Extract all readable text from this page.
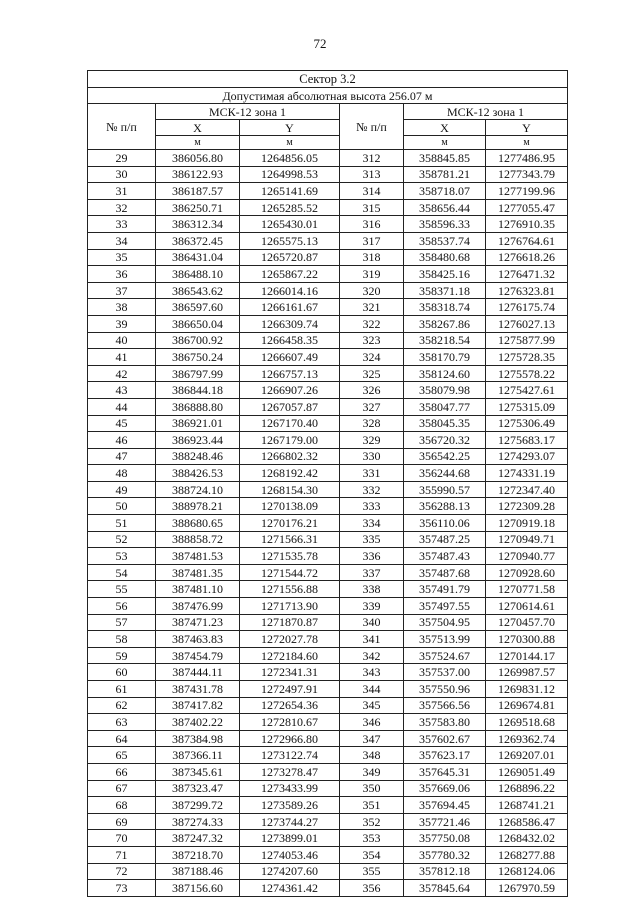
72
Сектор 3.2					
Допустимая абсолютная высота 256.07 м					
№ п/п	МСК-12 зона 1		№ п/п	МСК-12 зона 1	
	X	Y		X	Y
	м	м		м	м
29	386056.80	1264856.05	312	358845.85	1277486.95
30	386122.93	1264998.53	313	358781.21	1277343.79
31	386187.57	1265141.69	314	358718.07	1277199.96
32	386250.71	1265285.52	315	358656.44	1277055.47
33	386312.34	1265430.01	316	358596.33	1276910.35
34	386372.45	1265575.13	317	358537.74	1276764.61
35	386431.04	1265720.87	318	358480.68	1276618.26
36	386488.10	1265867.22	319	358425.16	1276471.32
37	386543.62	1266014.16	320	358371.18	1276323.81
38	386597.60	1266161.67	321	358318.74	1276175.74
39	386650.04	1266309.74	322	358267.86	1276027.13
40	386700.92	1266458.35	323	358218.54	1275877.99
41	386750.24	1266607.49	324	358170.79	1275728.35
42	386797.99	1266757.13	325	358124.60	1275578.22
43	386844.18	1266907.26	326	358079.98	1275427.61
44	386888.80	1267057.87	327	358047.77	1275315.09
45	386921.01	1267170.40	328	358045.35	1275306.49
46	386923.44	1267179.00	329	356720.32	1275683.17
47	388248.46	1266802.32	330	356542.25	1274293.07
48	388426.53	1268192.42	331	356244.68	1274331.19
49	388724.10	1268154.30	332	355990.57	1272347.40
50	388978.21	1270138.09	333	356288.13	1272309.28
51	388680.65	1270176.21	334	356110.06	1270919.18
52	388858.72	1271566.31	335	357487.25	1270949.71
53	387481.53	1271535.78	336	357487.43	1270940.77
54	387481.35	1271544.72	337	357487.68	1270928.60
55	387481.10	1271556.88	338	357491.79	1270771.58
56	387476.99	1271713.90	339	357497.55	1270614.61
57	387471.23	1271870.87	340	357504.95	1270457.70
58	387463.83	1272027.78	341	357513.99	1270300.88
59	387454.79	1272184.60	342	357524.67	1270144.17
60	387444.11	1272341.31	343	357537.00	1269987.57
61	387431.78	1272497.91	344	357550.96	1269831.12
62	387417.82	1272654.36	345	357566.56	1269674.81
63	387402.22	1272810.67	346	357583.80	1269518.68
64	387384.98	1272966.80	347	357602.67	1269362.74
65	387366.11	1273122.74	348	357623.17	1269207.01
66	387345.61	1273278.47	349	357645.31	1269051.49
67	387323.47	1273433.99	350	357669.06	1268896.22
68	387299.72	1273589.26	351	357694.45	1268741.21
69	387274.33	1273744.27	352	357721.46	1268586.47
70	387247.32	1273899.01	353	357750.08	1268432.02
71	387218.70	1274053.46	354	357780.32	1268277.88
72	387188.46	1274207.60	355	357812.18	1268124.06
73	387156.60	1274361.42	356	357845.64	1267970.59
